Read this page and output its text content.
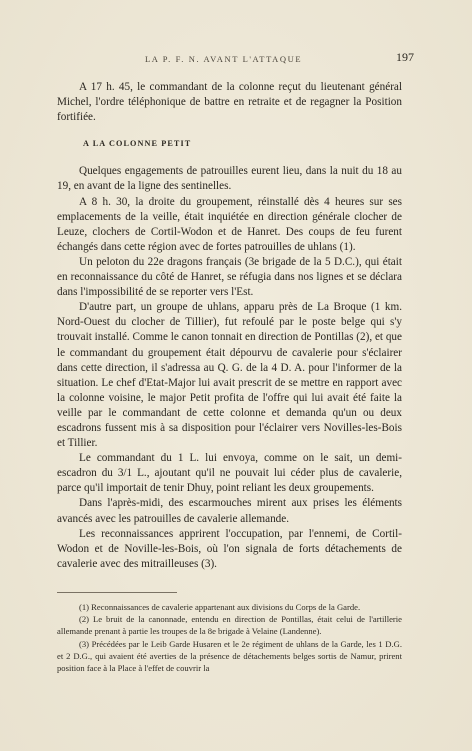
LA P. F. N. AVANT L'ATTAQUE	197

A 17 h. 45, le commandant de la colonne reçut du lieutenant général Michel, l'ordre téléphonique de battre en retraite et de regagner la Position fortifiée.

A LA COLONNE PETIT

Quelques engagements de patrouilles eurent lieu, dans la nuit du 18 au 19, en avant de la ligne des sentinelles.

A 8 h. 30, la droite du groupement, réinstallé dès 4 heures sur ses emplacements de la veille, était inquiétée en direction générale clocher de Leuze, clochers de Cortil-Wodon et de Hanret. Des coups de feu furent échangés dans cette région avec de fortes patrouilles de uhlans (1).

Un peloton du 22e dragons français (3e brigade de la 5 D.C.), qui était en reconnaissance du côté de Hanret, se réfugia dans nos lignes et se déclara dans l'impossibilité de se reporter vers l'Est.

D'autre part, un groupe de uhlans, apparu près de La Broque (1 km. Nord-Ouest du clocher de Tillier), fut refoulé par le poste belge qui s'y trouvait installé. Comme le canon tonnait en direction de Pontillas (2), et que le commandant du groupement était dépourvu de cavalerie pour s'éclairer dans cette direction, il s'adressa au Q. G. de la 4 D. A. pour l'informer de la situation. Le chef d'Etat-Major lui avait prescrit de se mettre en rapport avec la colonne voisine, le major Petit profita de l'offre qui lui avait été faite la veille par le commandant de cette colonne et demanda qu'un ou deux escadrons fussent mis à sa disposition pour l'éclairer vers Novilles-les-Bois et Tillier.

Le commandant du 1 L. lui envoya, comme on le sait, un demi-escadron du 3/1 L., ajoutant qu'il ne pouvait lui céder plus de cavalerie, parce qu'il importait de tenir Dhuy, point reliant les deux groupements.

Dans l'après-midi, des escarmouches mirent aux prises les éléments avancés avec les patrouilles de cavalerie allemande.

Les reconnaissances apprirent l'occupation, par l'ennemi, de Cortil-Wodon et de Noville-les-Bois, où l'on signala de forts détachements de cavalerie avec des mitrailleuses (3).

(1) Reconnaissances de cavalerie appartenant aux divisions du Corps de la Garde.

(2) Le bruit de la canonnade, entendu en direction de Pontillas, était celui de l'artillerie allemande prenant à partie les troupes de la 8e brigade à Velaine (Landenne).

(3) Précédées par le Leib Garde Husaren et le 2e régiment de uhlans de la Garde, les 1 D.G. et 2 D.G., qui avaient été averties de la présence de détachements belges sortis de Namur, prirent position face à la Place à l'effet de couvrir la
